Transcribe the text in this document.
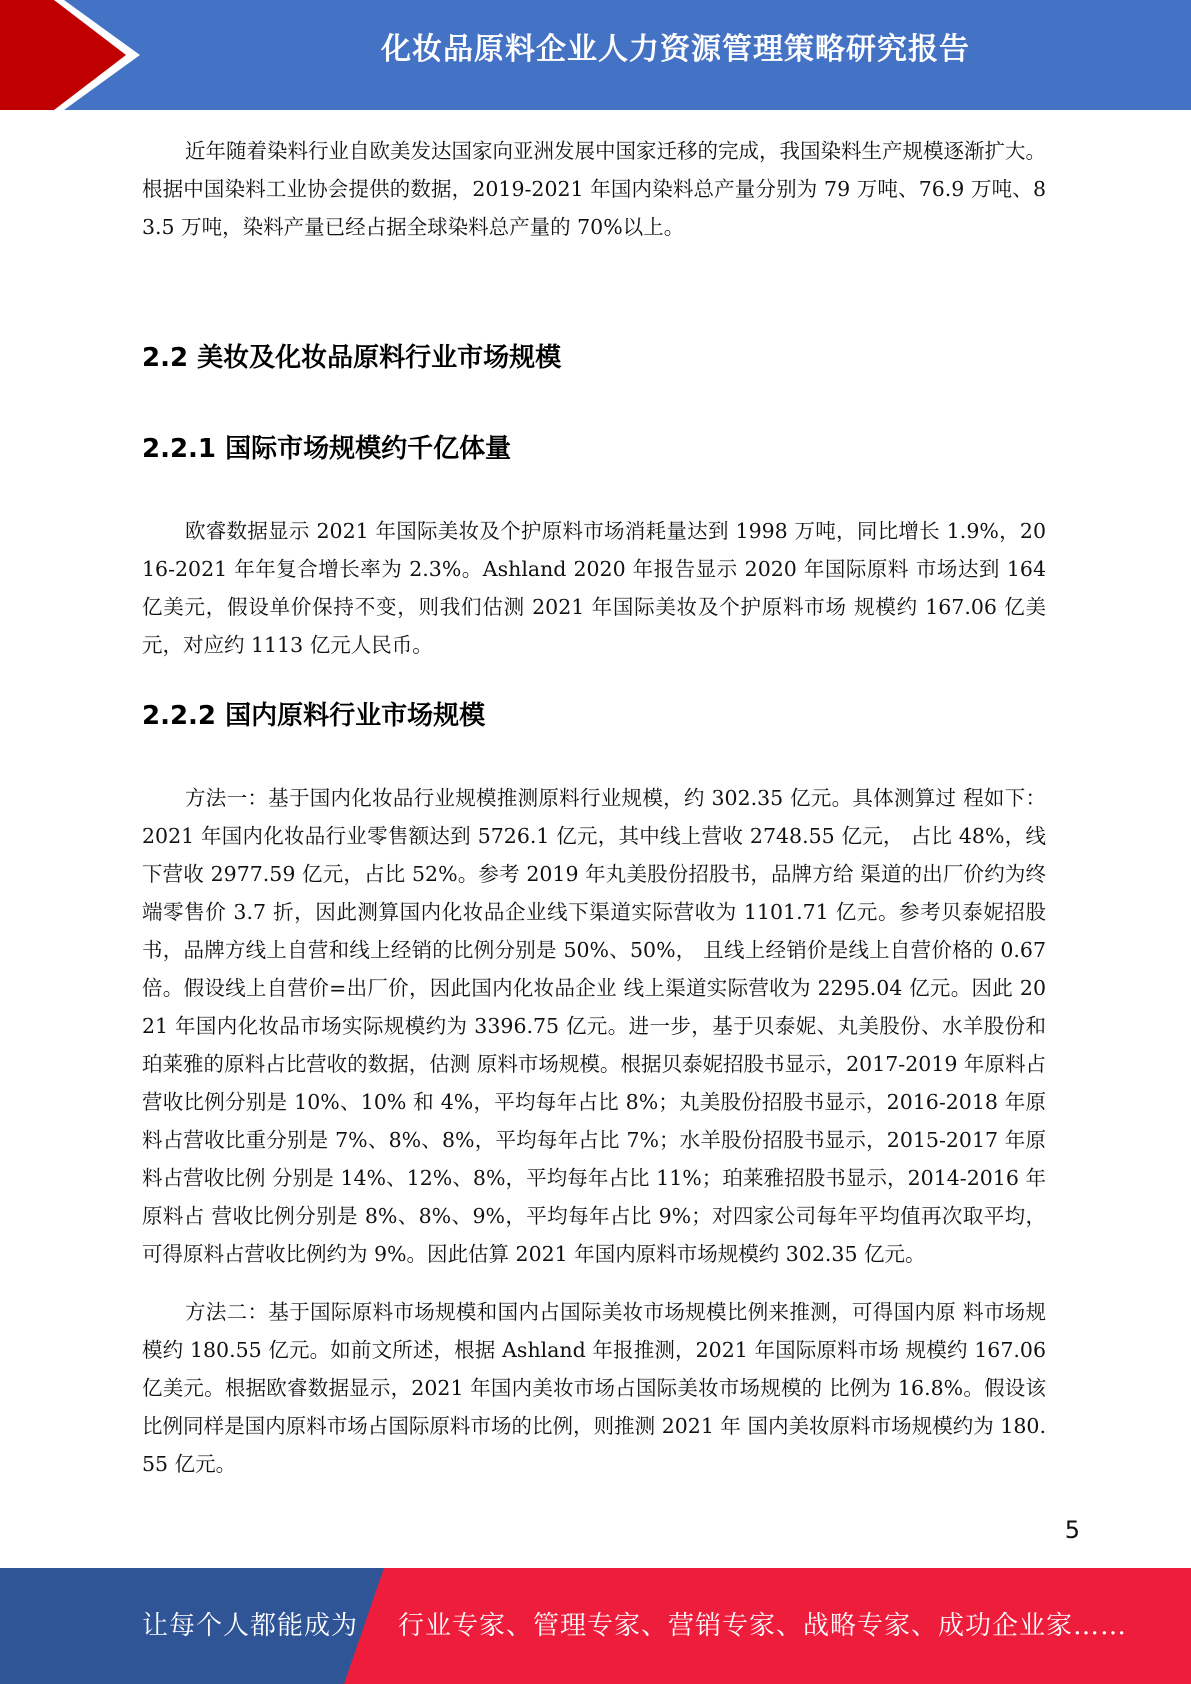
化妆品原料企业人力资源管理策略研究报告

近年随着染料行业自欧美发达国家向亚洲发展中国家迁移的完成，我国染料生产规模逐渐扩大。根据中国染料工业协会提供的数据，2019-2021 年国内染料总产量分别为 79 万吨、76.9 万吨、83.5 万吨，染料产量已经占据全球染料总产量的 70%以上。

2.2 美妆及化妆品原料行业市场规模
2.2.1 国际市场规模约千亿体量

欧睿数据显示 2021 年国际美妆及个护原料市场消耗量达到 1998 万吨，同比增长 1.9%，2016-2021 年年复合增长率为 2.3%。Ashland 2020 年报告显示 2020 年国际原料 市场达到 164 亿美元，假设单价保持不变，则我们估测 2021 年国际美妆及个护原料市场 规模约 167.06 亿美元，对应约 1113 亿元人民币。

2.2.2 国内原料行业市场规模

方法一：基于国内化妆品行业规模推测原料行业规模，约 302.35 亿元。具体测算过 程如下：2021 年国内化妆品行业零售额达到 5726.1 亿元，其中线上营收 2748.55 亿元， 占比 48%，线下营收 2977.59 亿元，占比 52%。参考 2019 年丸美股份招股书，品牌方给 渠道的出厂价约为终端零售价 3.7 折，因此测算国内化妆品企业线下渠道实际营收为 1101.71 亿元。参考贝泰妮招股书，品牌方线上自营和线上经销的比例分别是 50%、50%， 且线上经销价是线上自营价格的 0.67 倍。假设线上自营价=出厂价，因此国内化妆品企业 线上渠道实际营收为 2295.04 亿元。因此 2021 年国内化妆品市场实际规模约为 3396.75 亿元。进一步，基于贝泰妮、丸美股份、水羊股份和珀莱雅的原料占比营收的数据，估测 原料市场规模。根据贝泰妮招股书显示，2017-2019 年原料占营收比例分别是 10%、10% 和 4%，平均每年占比 8%；丸美股份招股书显示，2016-2018 年原料占营收比重分别是 7%、8%、8%，平均每年占比 7%；水羊股份招股书显示，2015-2017 年原料占营收比例 分别是 14%、12%、8%，平均每年占比 11%；珀莱雅招股书显示，2014-2016 年原料占 营收比例分别是 8%、8%、9%，平均每年占比 9%；对四家公司每年平均值再次取平均， 可得原料占营收比例约为 9%。因此估算 2021 年国内原料市场规模约 302.35 亿元。

方法二：基于国际原料市场规模和国内占国际美妆市场规模比例来推测，可得国内原 料市场规模约 180.55 亿元。如前文所述，根据 Ashland 年报推测，2021 年国际原料市场 规模约 167.06 亿美元。根据欧睿数据显示，2021 年国内美妆市场占国际美妆市场规模的 比例为 16.8%。假设该比例同样是国内原料市场占国际原料市场的比例，则推测 2021 年 国内美妆原料市场规模约为 180.55 亿元。

5
让每个人都能成为 行业专家、管理专家、营销专家、战略专家、成功企业家……
